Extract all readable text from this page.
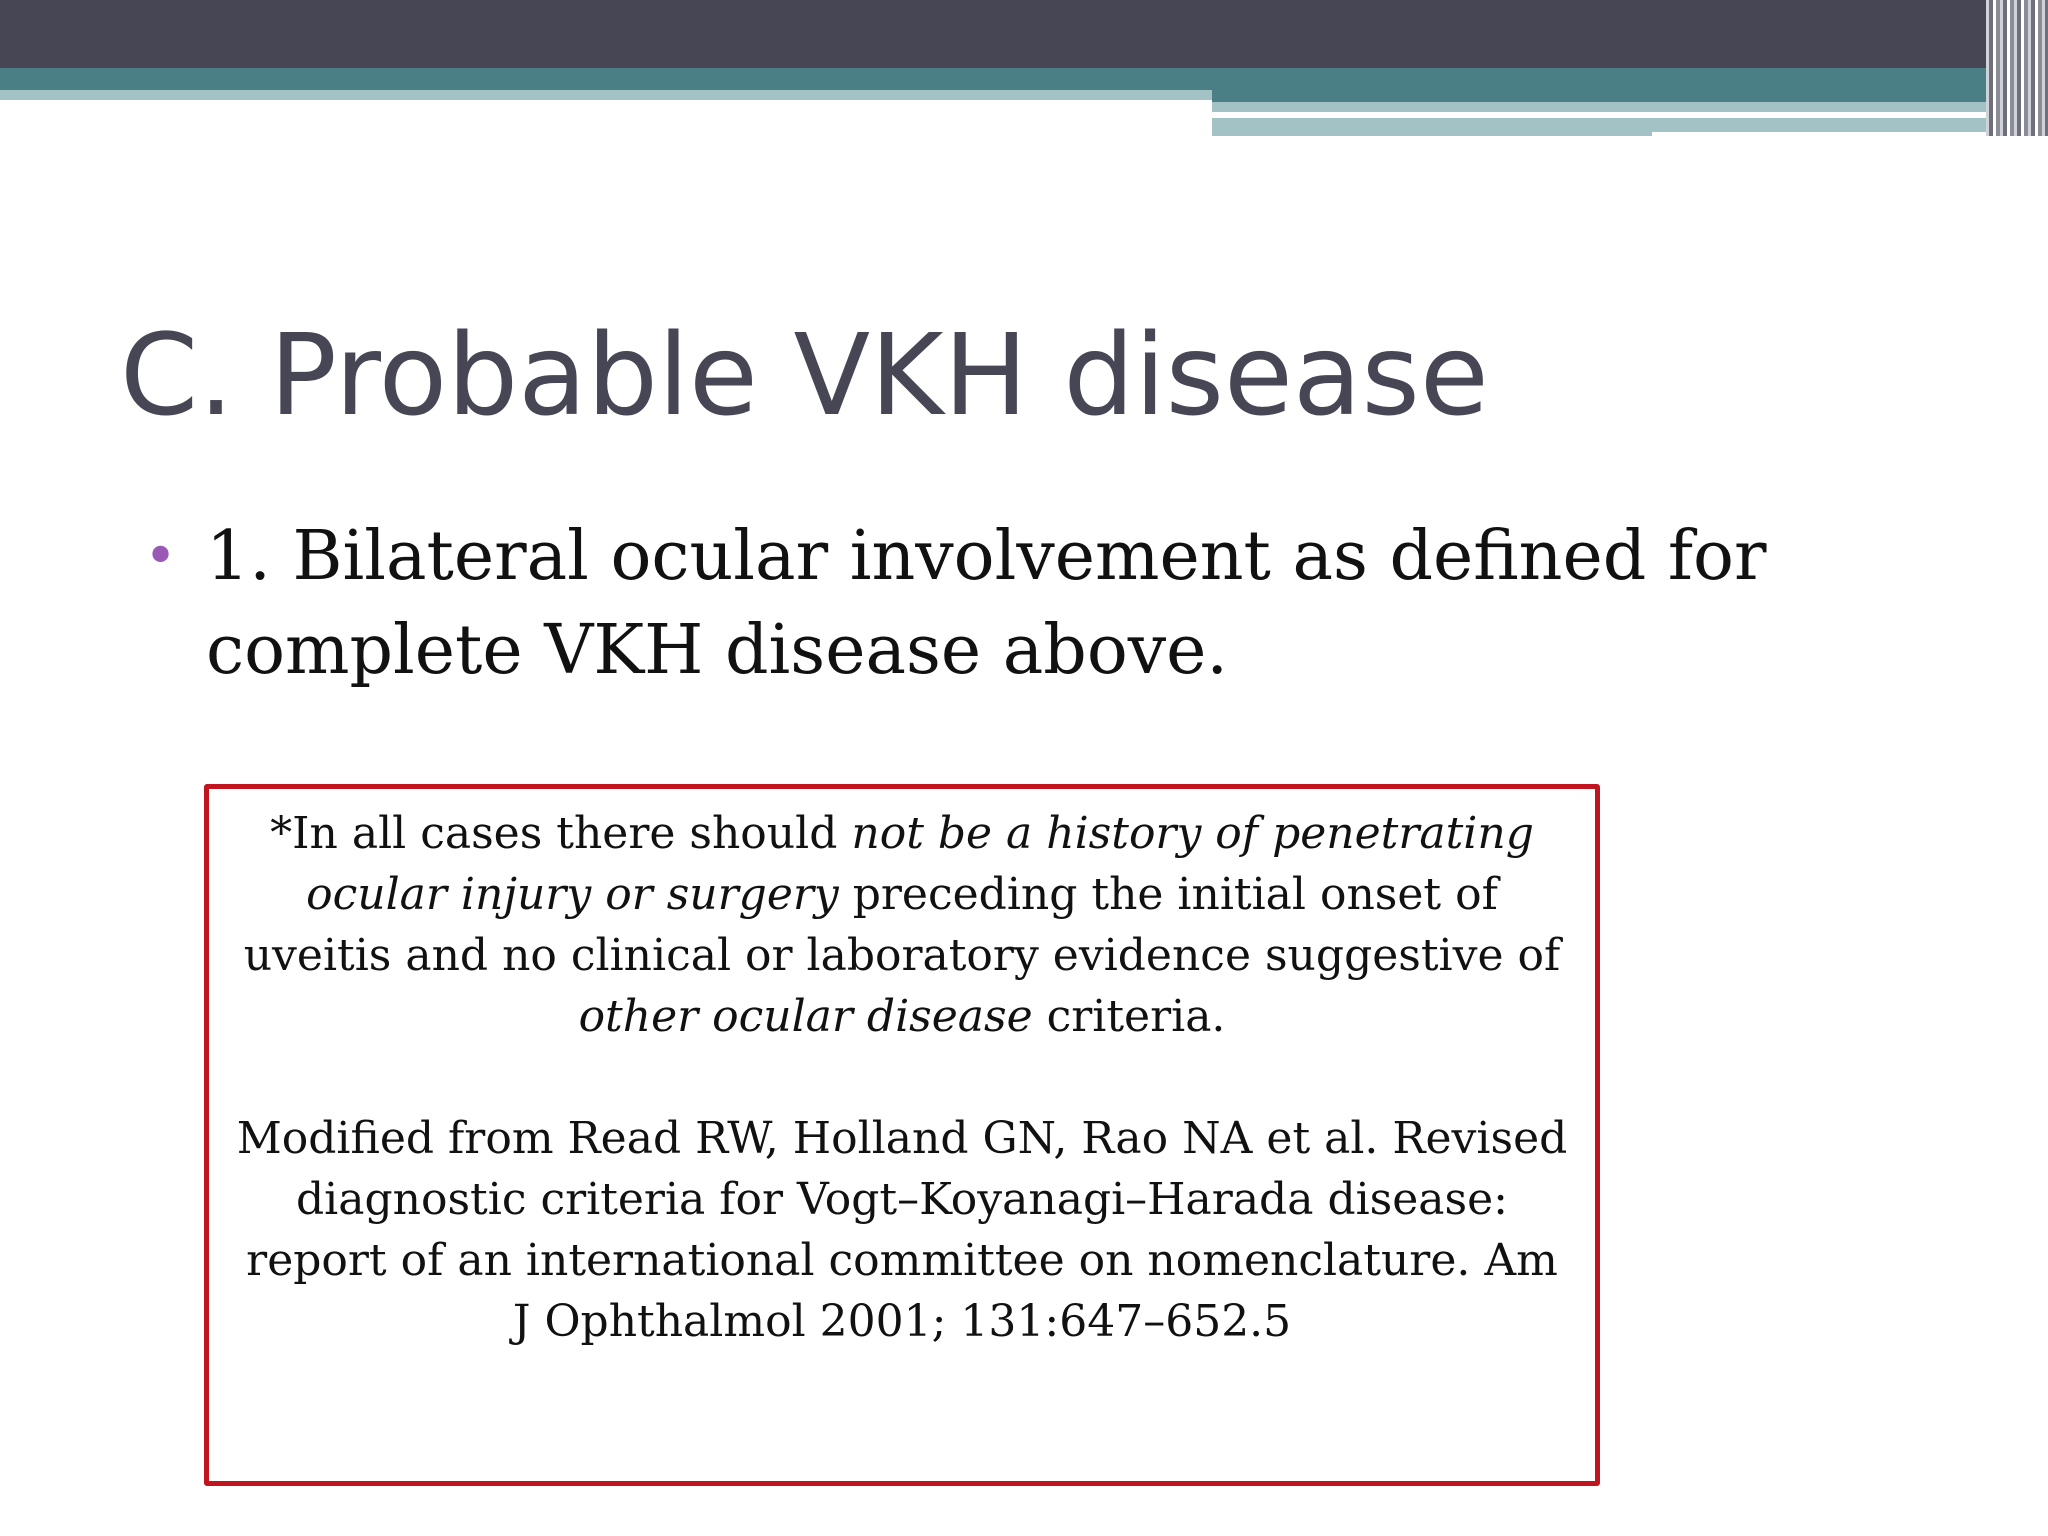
C. Probable VKH disease
• 1. Bilateral ocular involvement as defined for complete VKH disease above.

*In all cases there should not be a history of penetrating ocular injury or surgery preceding the initial onset of uveitis and no clinical or laboratory evidence suggestive of other ocular disease criteria.

Modified from Read RW, Holland GN, Rao NA et al. Revised diagnostic criteria for Vogt–Koyanagi–Harada disease: report of an international committee on nomenclature. Am J Ophthalmol 2001; 131:647–652.5
